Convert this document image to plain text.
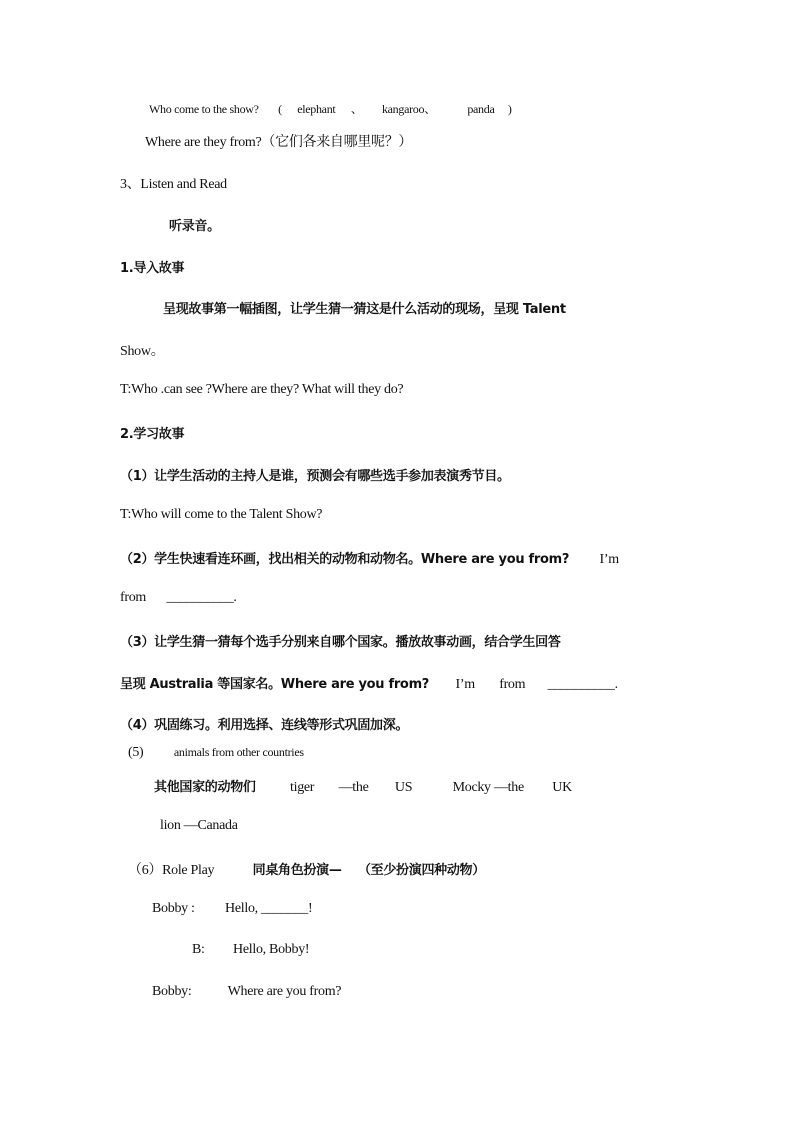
Who come to the show? ( elephant 、 kangaroo、	panda )
Where are they from?（它们各来自哪里呢？）
3、Listen and Read
听录音。
1.导入故事
呈现故事第一幅插图，让学生猜一猜这是什么活动的现场，呈现 Talent
Show。
T:Who .can see ?Where are they? What will they do?
2.学习故事
（1）让学生活动的主持人是谁，预测会有哪些选手参加表演秀节目。
T:Who will come to the Talent Show?
（2）学生快速看连环画，找出相关的动物和动物名。Where are you from? I’m
from __________.
（3）让学生猜一猜每个选手分别来自哪个国家。播放故事动画，结合学生回答
呈现 Australia 等国家名。Where are you from? I’m from __________.
（4）巩固练习。利用选择、连线等形式巩固加深。
(5)	animals from other countries
其他国家的动物们 tiger —the US	Mocky —the UK
lion —Canada
（6）Role Play	同桌角色扮演— （至少扮演四种动物）
Bobby : Hello, _______!
B: Hello, Bobby!
Bobby:	Where are you from?
